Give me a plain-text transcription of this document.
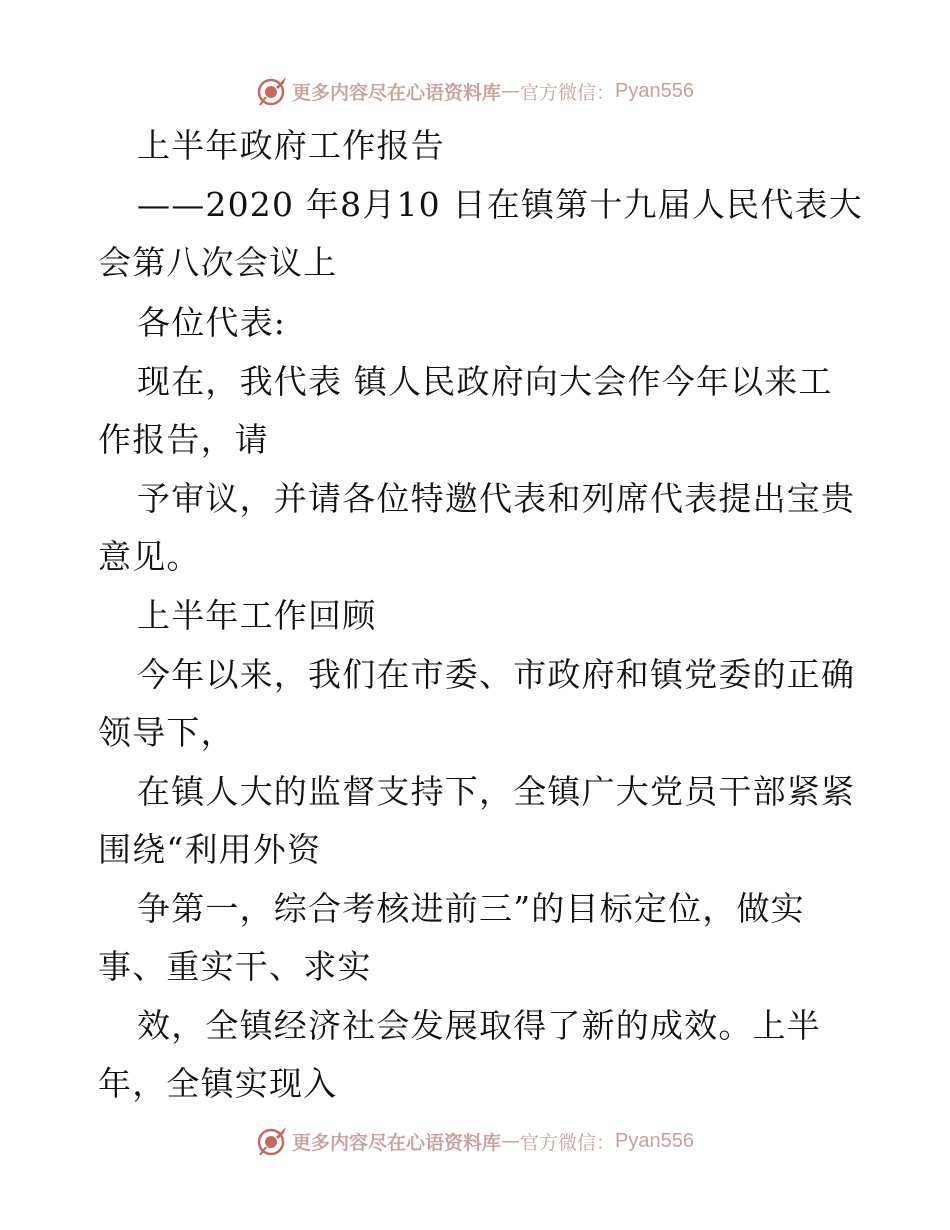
更多内容尽在心语资料库 — 官方微信： Pyan556
上半年政府工作报告
——2020 年8月10 日在镇第十九届人民代表大
会第八次会议上
各位代表:
现在，我代表 镇人民政府向大会作今年以来工
作报告，请
予审议，并请各位特邀代表和列席代表提出宝贵
意见。
上半年工作回顾
今年以来，我们在市委、市政府和镇党委的正确
领导下，
在镇人大的监督支持下，全镇广大党员干部紧紧
围绕“利用外资
争第一，综合考核进前三”的目标定位，做实
事、重实干、求实
效，全镇经济社会发展取得了新的成效。上半
年，全镇实现入
更多内容尽在心语资料库 — 官方微信： Pyan556
